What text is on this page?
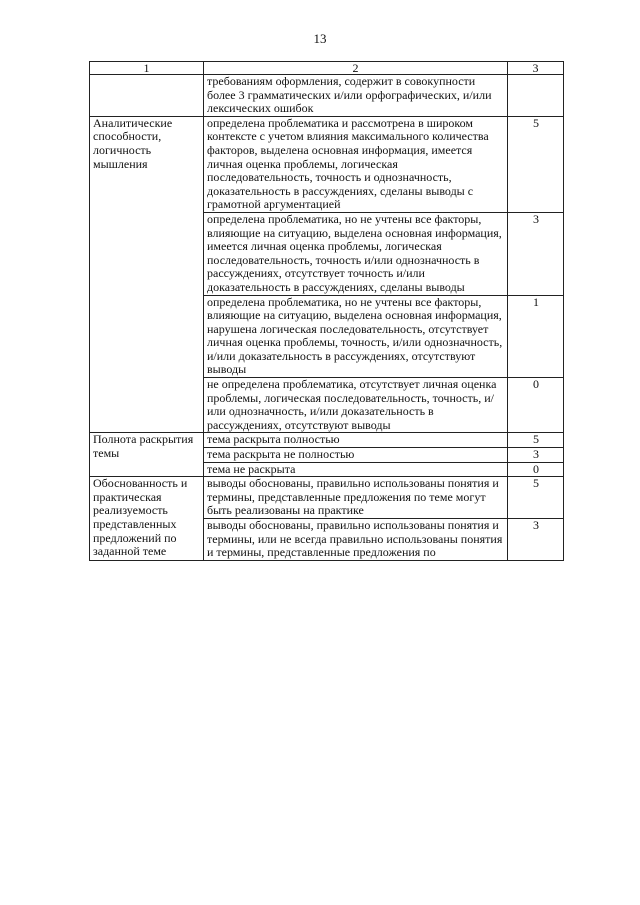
13
1	2	3
	требованиям оформления, содержит в совокупности более 3 грамматических и/или орфографических, и/или лексических ошибок	
Аналитические способности, логичность мышления	определена проблематика и рассмотрена в широком контексте с учетом влияния максимального количества факторов, выделена основная информация, имеется личная оценка проблемы, логическая последовательность, точность и однозначность, доказательность в рассуждениях, сделаны выводы с грамотной аргументацией	5
	определена проблематика, но не учтены все факторы, влияющие на ситуацию, выделена основная информация, имеется личная оценка проблемы, логическая последовательность, точность и/или однозначность в рассуждениях, отсутствует точность и/или доказательность в рассуждениях, сделаны выводы	3
	определена проблематика, но не учтены все факторы, влияющие на ситуацию, выделена основная информация, нарушена логическая последовательность, отсутствует личная оценка проблемы, точность, и/или однозначность, и/или доказательность в рассуждениях, отсутствуют выводы	1
	не определена проблематика, отсутствует личная оценка проблемы, логическая последовательность, точность, и/или однозначность, и/или доказательность в рассуждениях, отсутствуют выводы	0
Полнота раскрытия темы	тема раскрыта полностью	5
	тема раскрыта не полностью	3
	тема не раскрыта	0
Обоснованность и практическая реализуемость представленных предложений по заданной теме	выводы обоснованы, правильно использованы понятия и термины, представленные предложения по теме могут быть реализованы на практике	5
	выводы обоснованы, правильно использованы понятия и термины, или не всегда правильно использованы понятия и термины, представленные предложения по	3
